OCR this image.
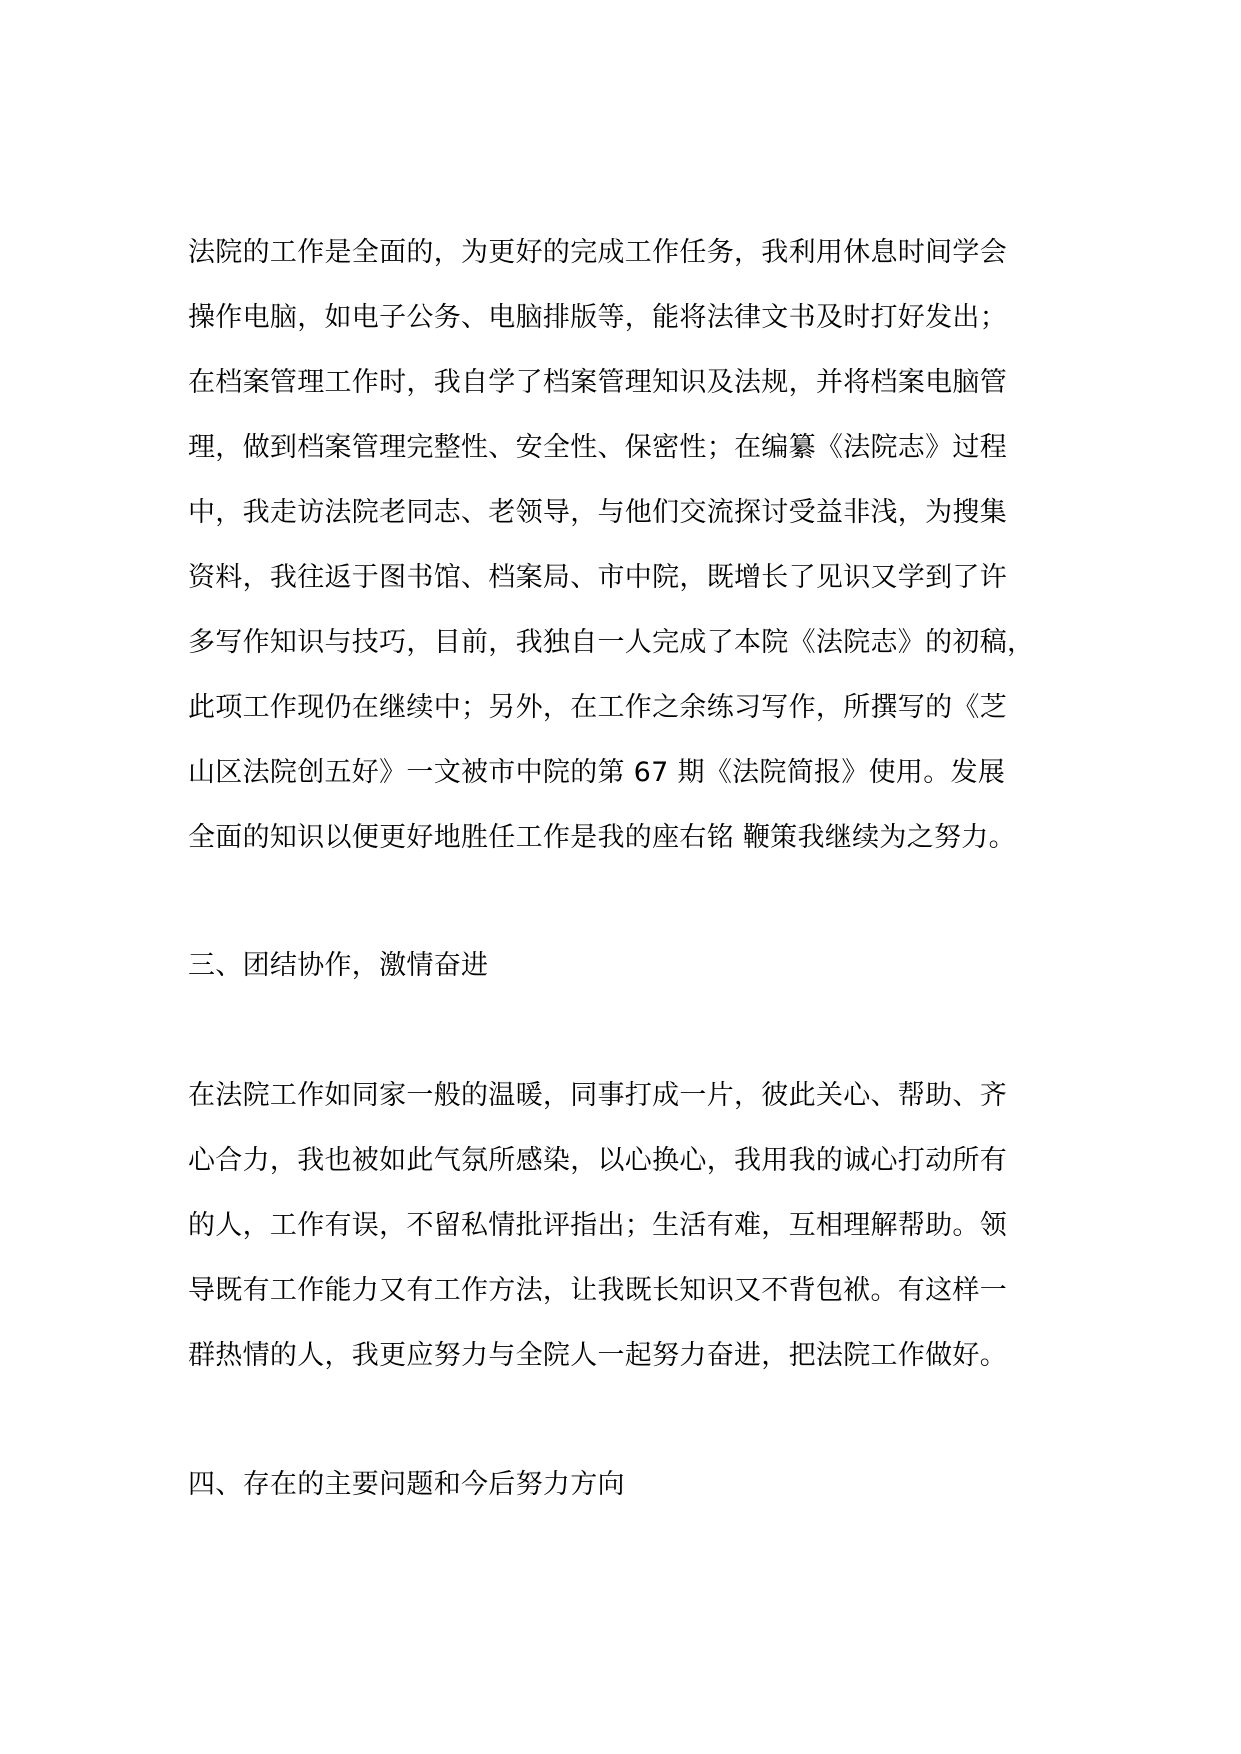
法院的工作是全面的，为更好的完成工作任务，我利用休息时间学会

操作电脑，如电子公务、电脑排版等，能将法律文书及时打好发出；

在档案管理工作时，我自学了档案管理知识及法规，并将档案电脑管

理，做到档案管理完整性、安全性、保密性；在编纂《法院志》过程

中，我走访法院老同志、老领导，与他们交流探讨受益非浅，为搜集

资料，我往返于图书馆、档案局、市中院，既增长了见识又学到了许

多写作知识与技巧，目前，我独自一人完成了本院《法院志》的初稿，

此项工作现仍在继续中；另外，在工作之余练习写作，所撰写的《芝

山区法院创五好》一文被市中院的第 67 期《法院简报》使用。发展

全面的知识以便更好地胜任工作是我的座右铭 鞭策我继续为之努力。

三、团结协作，激情奋进

在法院工作如同家一般的温暖，同事打成一片，彼此关心、帮助、齐

心合力，我也被如此气氛所感染，以心换心，我用我的诚心打动所有

的人，工作有误，不留私情批评指出；生活有难，互相理解帮助。领

导既有工作能力又有工作方法，让我既长知识又不背包袱。有这样一

群热情的人，我更应努力与全院人一起努力奋进，把法院工作做好。

四、存在的主要问题和今后努力方向
